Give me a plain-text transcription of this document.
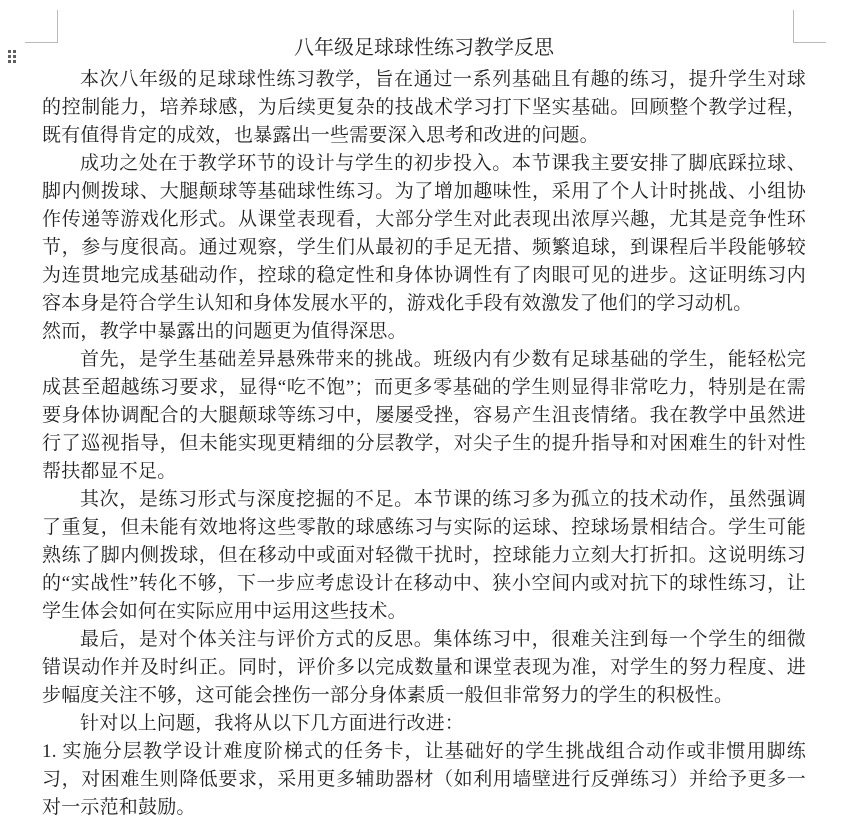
八年级足球球性练习教学反思

本次八年级的足球球性练习教学，旨在通过一系列基础且有趣的练习，提升学生对球的控制能力，培养球感，为后续更复杂的技战术学习打下坚实基础。回顾整个教学过程，既有值得肯定的成效，也暴露出一些需要深入思考和改进的问题。

成功之处在于教学环节的设计与学生的初步投入。本节课我主要安排了脚底踩拉球、脚内侧拨球、大腿颠球等基础球性练习。为了增加趣味性，采用了个人计时挑战、小组协作传递等游戏化形式。从课堂表现看，大部分学生对此表现出浓厚兴趣，尤其是竞争性环节，参与度很高。通过观察，学生们从最初的手足无措、频繁追球，到课程后半段能够较为连贯地完成基础动作，控球的稳定性和身体协调性有了肉眼可见的进步。这证明练习内容本身是符合学生认知和身体发展水平的，游戏化手段有效激发了他们的学习动机。

然而，教学中暴露出的问题更为值得深思。

首先，是学生基础差异悬殊带来的挑战。班级内有少数有足球基础的学生，能轻松完成甚至超越练习要求，显得“吃不饱”；而更多零基础的学生则显得非常吃力，特别是在需要身体协调配合的大腿颠球等练习中，屡屡受挫，容易产生沮丧情绪。我在教学中虽然进行了巡视指导，但未能实现更精细的分层教学，对尖子生的提升指导和对困难生的针对性帮扶都显不足。

其次，是练习形式与深度挖掘的不足。本节课的练习多为孤立的技术动作，虽然强调了重复，但未能有效地将这些零散的球感练习与实际的运球、控球场景相结合。学生可能熟练了脚内侧拨球，但在移动中或面对轻微干扰时，控球能力立刻大打折扣。这说明练习的“实战性”转化不够，下一步应考虑设计在移动中、狭小空间内或对抗下的球性练习，让学生体会如何在实际应用中运用这些技术。

最后，是对个体关注与评价方式的反思。集体练习中，很难关注到每一个学生的细微错误动作并及时纠正。同时，评价多以完成数量和课堂表现为准，对学生的努力程度、进步幅度关注不够，这可能会挫伤一部分身体素质一般但非常努力的学生的积极性。

针对以上问题，我将从以下几方面进行改进：

1. 实施分层教学设计难度阶梯式的任务卡，让基础好的学生挑战组合动作或非惯用脚练习，对困难生则降低要求，采用更多辅助器材（如利用墙壁进行反弹练习）并给予更多一对一示范和鼓励。
